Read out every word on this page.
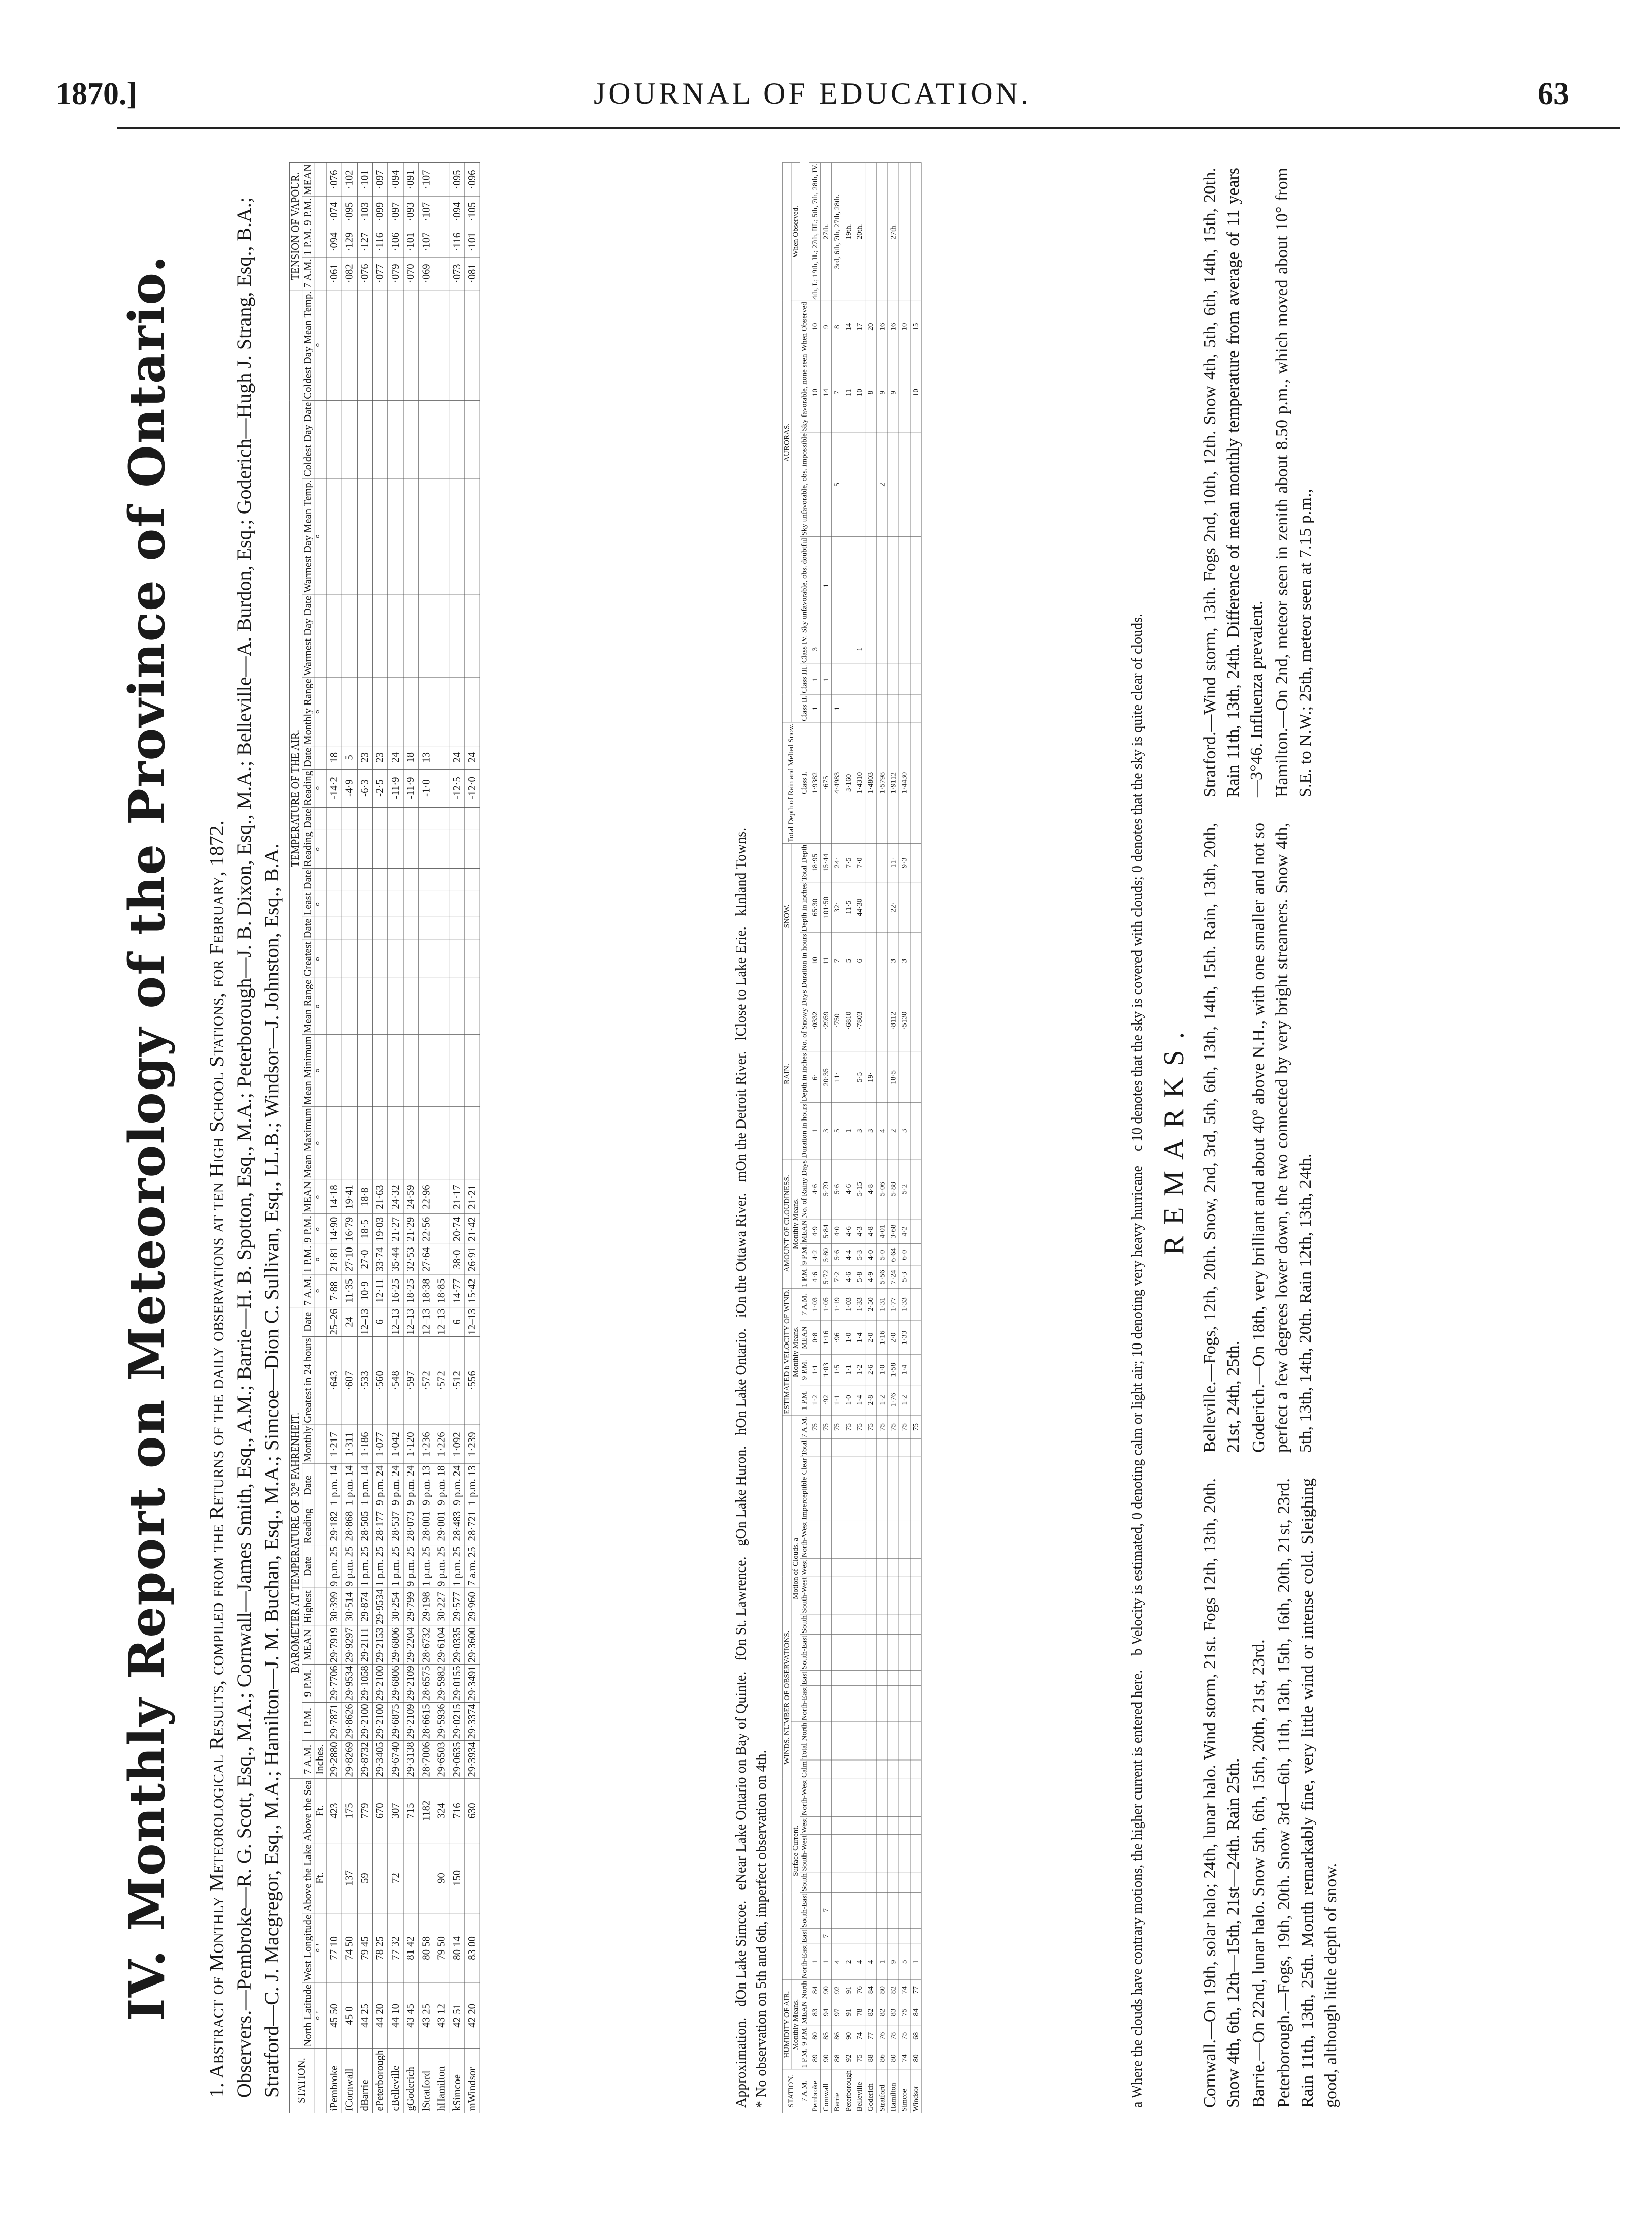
1870.]	JOURNAL OF EDUCATION.	63
IV. Monthly Report on Meteorology of the Province of Ontario.	1. Abstract of Monthly Meteorological Results, compiled from the Returns of the daily observations at ten High School Stations, for February, 1872. Observers.—Pembroke—R. G. Scott, Esq., M.A.; Cornwall—James Smith, Esq., A.M.; Barrie—H. B. Spotton, Esq., M.A.; Peterborough—J. B. Dixon, Esq., M.A.; Belleville—A. Burdon, Esq.; Goderich—Hugh J. Strang, Esq., B.A.; Stratford—C. J. Macgregor, Esq., M.A.; Hamilton—J. M. Buchan, Esq., M.A.; Simcoe—Dion C. Sullivan, Esq., LL.B.; Windsor—J. Johnston, Esq., B.A. STATION.					BAROMETER AT TEMPERATURE OF 32° FAHRENHEIT.											TEMPERATURE OF THE AIR.																				TENSION OF VAPOUR.			
	North Latitude	West Longitude	Above the Lake	Above the Sea	7 A.M.	1 P.M.	9 P.M.	MEAN	Highest	Date	Reading	Date	Monthly	Greatest in 24 hours	Date	7 A.M.	1 P.M.	9 P.M.	MEAN	Mean Maximum	Mean Minimum	Mean Range	Greatest	Date	Least	Date	Reading	Date	Reading	Date	Monthly Range	Warmest Day Date	Warmest Day Mean Temp.	Coldest Day Date	Coldest Day Mean Temp.	7 A.M.	1 P.M.	9 P.M.	MEAN
	° '	° '	Ft.	Ft.	Inches.											°	°	°	°	°	°	°	°		°		°		°		°		°		°				
iPembroke	45 50	77 10		423	29·2880	29·7871	29·7706	29·7919	30·399	9 p.m. 25	29·182	1 p.m. 14	1·217	·643	25–26	7·88	21·81	14·90	14·18										-14·2	18						·061	·094	·074	·076
fCornwall	45 0	74 50	137	175	29·8269	29·8626	29·9534	29·9297	30·514	9 p.m. 25	28·868	1 p.m. 14	1·311	·607	24	11·35	27·10	16·79	19·41										-4·9	5						·082	·129	·095	·102
dBarrie	44 25	79 45	59	779	29·8732	29·2100	29·1058	29·2111	29·874	1 p.m. 25	28·505	1 p.m. 14	1·186	·533	12–13	10·9	27·0	18·5	18·8										-6·3	23						·076	·127	·103	·101
ePeterborough	44 20	78 25		670	29·3405	29·2100	29·2100	29·2153	29·9534	1 p.m. 25	28·177	9 p.m. 24	1·077	·560	6	12·11	33·74	19·03	21·63										-2·5	23						·077	·116	·099	·097
cBelleville	44 10	77 32	72	307	29·6740	29·6875	29·6806	29·6806	30·254	1 p.m. 25	28·537	9 p.m. 24	1·042	·548	12–13	16·25	35·44	21·27	24·32										-11·9	24						·079	·106	·097	·094
gGoderich	43 45	81 42		715	29·3138	29·2109	29·2109	29·2204	29·799	9 p.m. 25	28·073	9 p.m. 24	1·120	·597	12–13	18·25	32·53	21·29	24·59										-11·9	18						·070	·101	·093	·091
lStratford	43 25	80 58		1182	28·7006	28·6615	28·6575	28·6732	29·198	1 p.m. 25	28·001	9 p.m. 13	1·236	·572	12–13	18·38	27·64	22·56	22·96										-1·0	13						·069	·107	·107	·107
hHamilton	43 12	79 50	90	324	29·6503	29·5936	29·5982	29·6104	30·227	9 p.m. 25	29·001	9 p.m. 18	1·226	·572	12–13	18·85																							
kSimcoe	42 51	80 14	150	716	29·0635	29·0215	29·0155	29·0335	29·577	1 p.m. 25	28·483	9 p.m. 24	1·092	·512	6	14·77	38·0	20·74	21·17										-12·5	24						·073	·116	·094	·095
mWindsor	42 20	83 00		630	29·3934	29·3374	29·3491	29·3600	29·960	7 a.m. 25	28·721	1 p.m. 13	1·239	·556	12–13	15·42	26·91	21·42	21·21										-12·0	24						·081	·101	·105	·096
Approximation.   dOn Lake Simcoe.   eNear Lake Ontario on Bay of Quinte.   fOn St. Lawrence.   gOn Lake Huron.   hOn Lake Ontario.   iOn the Ottawa River.   mOn the Detroit River.   lClose to Lake Erie.   kInland Towns.
* No observation on 5th and 6th, imperfect observation on 4th. STATION.	HUMIDITY OF AIR.				WINDS. NUMBER OF OBSERVATIONS.																					ESTIMATED b VELOCITY OF WIND.				AMOUNT OF CLOUDINESS.				RAIN.			SNOW.			Total Depth of Rain and Melted Snow.	AURORAS.							
	Monthly Means.				Surface Current.										Motion of Clouds. a											Monthly Means.				Monthly Means.																		When Observed.
7 A.M.	1 P.M.	9 P.M.	MEAN	North	North-East	East	South-East	South	South-West	West	North-West	Calm	Total	North	North-East	East	South-East	South	South-West	West	North-West	Imperceptible	Clear	Total	7 A.M.	1 P.M.	9 P.M.	MEAN	7 A.M.	1 P.M.	9 P.M.	MEAN	No. of Rainy Days	Duration in hours	Depth in inches	No. of Snowy Days	Duration in hours	Depth in inches	Total Depth	Class I.	Class II.	Class III.	Class IV.	Sky unfavorable, obs. doubtful	Sky unfavorable, obs. impossible	Sky favorable, none seen	When Observed	
Pembroke	89	80	83	84	1																				75	1·2	1·1	0·8	1·03	4·6	4·2	4·9	4·6	1	6·	·0332	10	65·30	18·95	1·9382	1	1	3			10	10	4th, I.; 19th, II.; 27th, III.; 5th, 7th, 28th, IV.
Cornwall	90	85	94	90	1	7	7																		75	·92	1·03	1·16	1·05	5·72	5·80	5·84	5·79	3	20·35	·2959	11	101·50	15·44	·675		1		1		14	9	27th.
Barrie	88	86	97	92	4																				75	1·1	1·5	·96	1·19	7·2	5·6	4·0	5·6	5	11·	·750	7	32·	24·	4·4983	1				5	7	8	3rd, 6th, 7th, 27th, 28th.
Peterborough	92	90	91	91	2																				75	1·0	1·1	1·0	1·03	4·6	4·4	4·6	4·6	1		·6810	5	11·5	7·5	3·160						11	14	19th.
Belleville	75	74	78	76	4																				75	1·4	1·2	1·4	1·33	5·8	5·3	4·3	5·15	3	5·5	·7803	6	44·30	7·0	1·4310			1			10	17	20th.
Goderich	88	77	82	84	4																				75	2·8	2·6	2·0	2·50	4·9	4·0	4·8	4·8	3	19·					1·4803						8	20	
Stratford	86	76	82	80	1																				75	1·2	1·0	1·16	1·31	5·56	5·0	4·01	5·06	4						1·5798					2	9	16	
Hamilton	80	78	83	82	9																				75	1·76	1·58	2·0	1·77	7·24	6·64	3·68	5·88	2	18·5	·8112	3	22·	11·	1·9112						9	16	27th.
Simcoe	74	75	75	74	5																				75	1·2	1·4	1·33	1·33	5·3	6·0	4·2	5·2	3		·5130	3		9·3	1·4430							10	
Windsor	80	68	84	77	1																				75																					10	15	
a Where the clouds have contrary motions, the higher current is entered here.    b Velocity is estimated, 0 denoting calm or light air; 10 denoting very heavy hurricane    c 10 denotes that the sky is covered with clouds; 0 denotes that the sky is quite clear of clouds. REMARKS.

Cornwall.—On 19th, solar halo; 24th, lunar halo. Wind storm, 21st. Fogs 12th, 13th, 20th. Snow 4th, 6th, 12th—15th, 21st—24th. Rain 25th. Barrie.—On 22nd, lunar halo. Snow 5th, 6th, 15th, 20th, 21st, 23rd. Peterborough.—Fogs, 19th, 20th. Snow 3rd—6th, 11th, 13th, 15th, 16th, 20th, 21st, 23rd. Rain 11th, 13th, 25th. Month remarkably fine, very little wind or intense cold. Sleighing good, although little depth of snow.

Belleville.—Fogs, 12th, 20th. Snow, 2nd, 3rd, 5th, 6th, 13th, 14th, 15th. Rain, 13th, 20th, 21st, 24th, 25th. Goderich.—On 18th, very brilliant and about 40° above N.H., with one smaller and not so perfect a few degrees lower down, the two connected by very bright streamers. Snow 4th, 5th, 13th, 14th, 20th. Rain 12th, 13th, 24th.

Stratford.—Wind storm, 13th. Fogs 2nd, 10th, 12th. Snow 4th, 5th, 6th, 14th, 15th, 20th. Rain 11th, 13th, 24th. Difference of mean monthly temperature from average of 11 years—3°46. Influenza prevalent. Hamilton.—On 2nd, meteor seen in zenith about 8.50 p.m., which moved about 10° from S.E. to N.W.; 25th, meteor seen at 7.15 p.m.,
